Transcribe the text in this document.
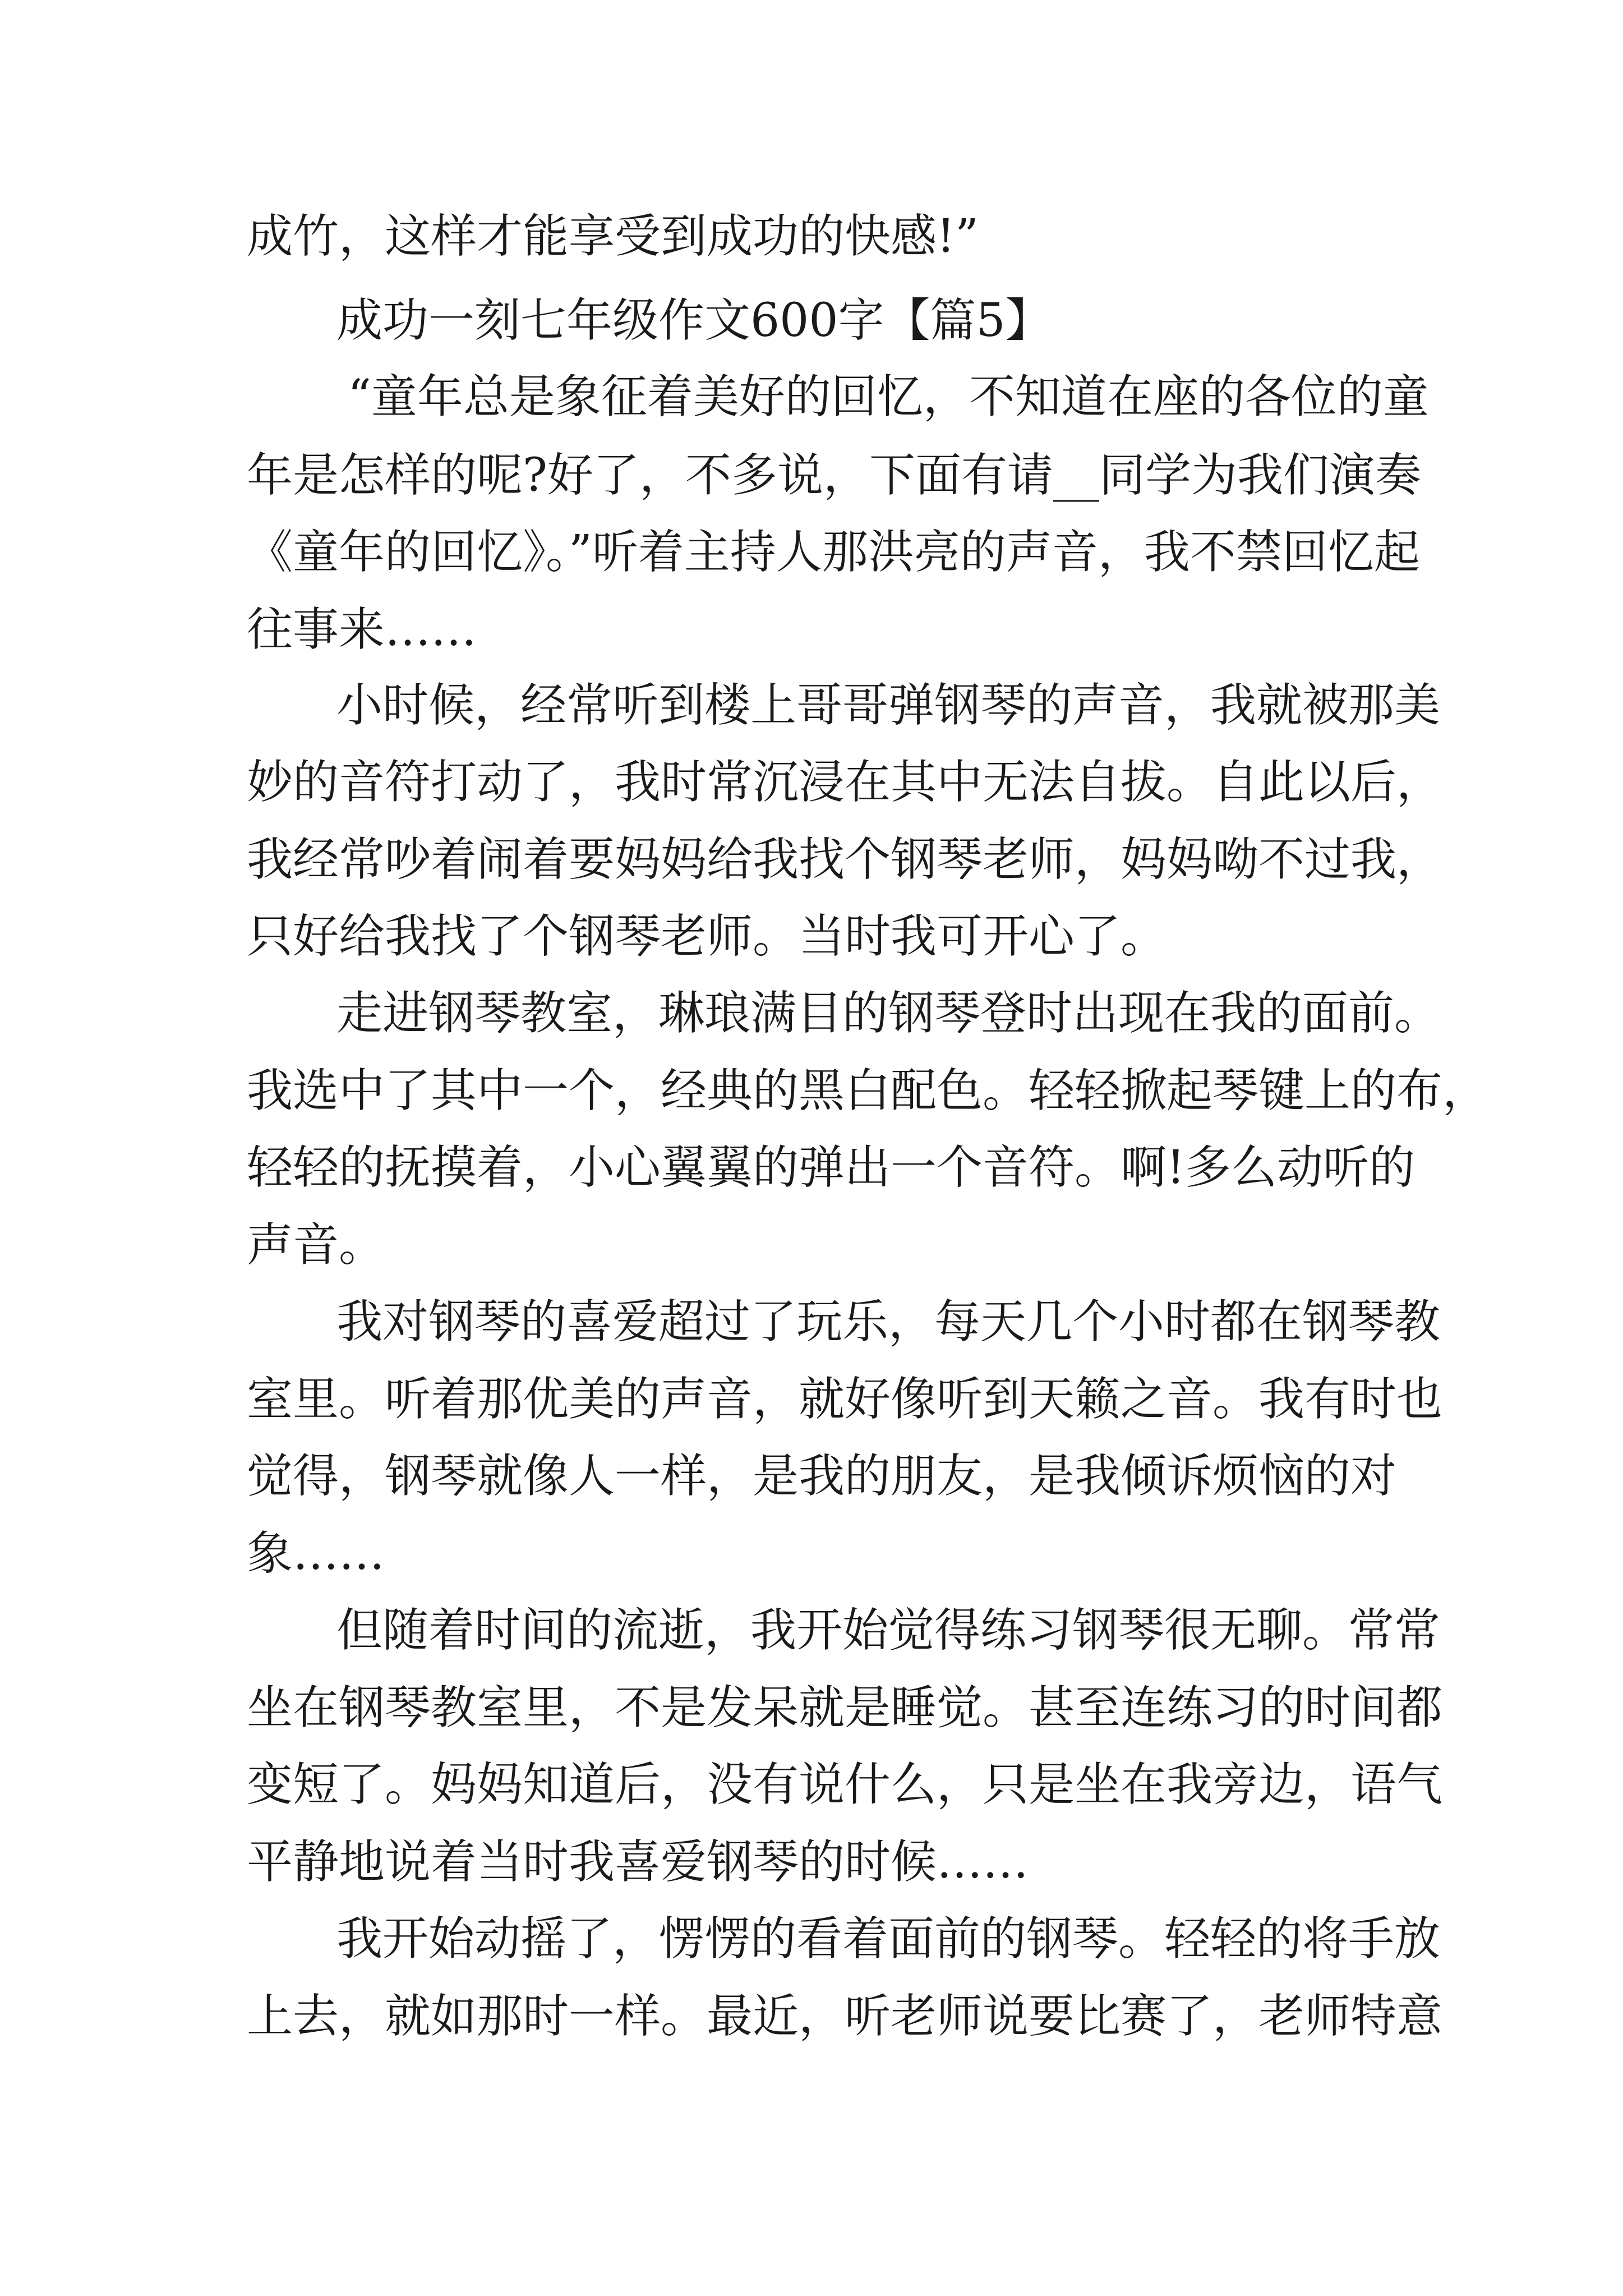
成竹，这样才能享受到成功的快感!”
成功一刻七年级作文600字【篇5】
“童年总是象征着美好的回忆，不知道在座的各位的童
年是怎样的呢?好了，不多说，下面有请__同学为我们演奏
《童年的回忆》。”听着主持人那洪亮的声音，我不禁回忆起
往事来……
小时候，经常听到楼上哥哥弹钢琴的声音，我就被那美
妙的音符打动了，我时常沉浸在其中无法自拔。自此以后，
我经常吵着闹着要妈妈给我找个钢琴老师，妈妈呦不过我，
只好给我找了个钢琴老师。当时我可开心了。
走进钢琴教室，琳琅满目的钢琴登时出现在我的面前。
我选中了其中一个，经典的黑白配色。轻轻掀起琴键上的布，
轻轻的抚摸着，小心翼翼的弹出一个音符。啊!多么动听的
声音。
我对钢琴的喜爱超过了玩乐，每天几个小时都在钢琴教
室里。听着那优美的声音，就好像听到天籁之音。我有时也
觉得，钢琴就像人一样，是我的朋友，是我倾诉烦恼的对
象……
但随着时间的流逝，我开始觉得练习钢琴很无聊。常常
坐在钢琴教室里，不是发呆就是睡觉。甚至连练习的时间都
变短了。妈妈知道后，没有说什么，只是坐在我旁边，语气
平静地说着当时我喜爱钢琴的时候……
我开始动摇了，愣愣的看着面前的钢琴。轻轻的将手放
上去，就如那时一样。最近，听老师说要比赛了，老师特意
